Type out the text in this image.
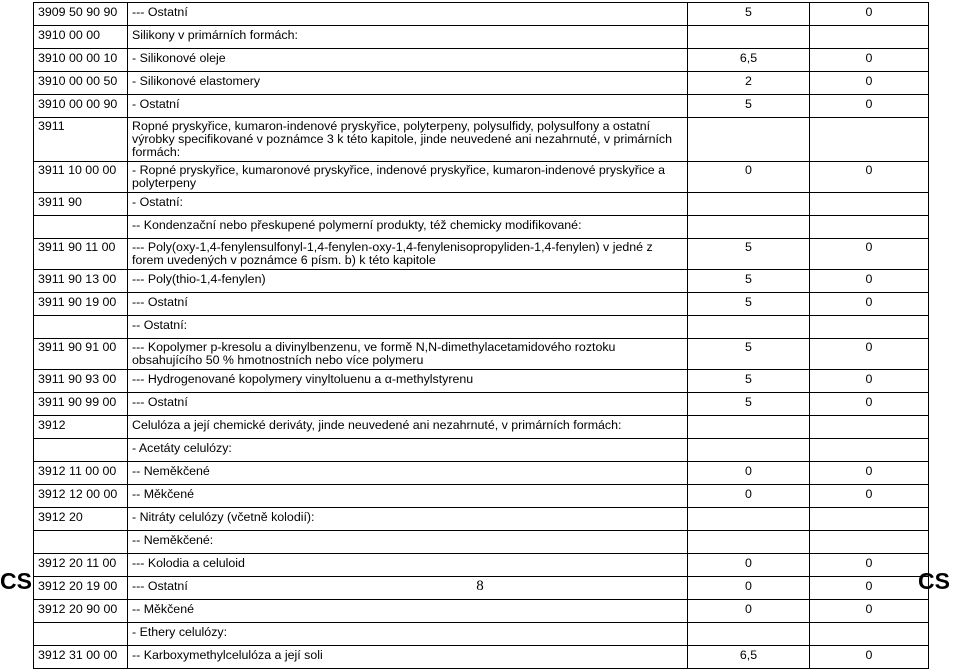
3909 50 90 90	--- Ostatní	5	0
3910 00 00	Silikony v primárních formách:		
3910 00 00 10	- Silikonové oleje	6,5	0
3910 00 00 50	- Silikonové elastomery	2	0
3910 00 00 90	- Ostatní	5	0
3911	Ropné pryskyřice, kumaron-indenové pryskyřice, polyterpeny, polysulfidy, polysulfony a ostatní výrobky specifikované v poznámce 3 k této kapitole, jinde neuvedené ani nezahrnuté, v primárních formách:		
3911 10 00 00	- Ropné pryskyřice, kumaronové pryskyřice, indenové pryskyřice, kumaron-indenové pryskyřice a polyterpeny	0	0
3911 90	- Ostatní:		
	-- Kondenzační nebo přeskupené polymerní produkty, též chemicky modifikované:		
3911 90 11 00	--- Poly(oxy-1,4-fenylensulfonyl-1,4-fenylen-oxy-1,4-fenylenisopropyliden-1,4-fenylen) v jedné z forem uvedených v poznámce 6 písm. b) k této kapitole	5	0
3911 90 13 00	--- Poly(thio-1,4-fenylen)	5	0
3911 90 19 00	--- Ostatní	5	0
	-- Ostatní:		
3911 90 91 00	--- Kopolymer p-kresolu a divinylbenzenu, ve formě N,N-dimethylacetamidového roztoku obsahujícího 50 % hmotnostních nebo více polymeru	5	0
3911 90 93 00	--- Hydrogenované kopolymery vinyltoluenu a α-methylstyrenu	5	0
3911 90 99 00	--- Ostatní	5	0
3912	Celulóza a její chemické deriváty, jinde neuvedené ani nezahrnuté, v primárních formách:		
	- Acetáty celulózy:		
3912 11 00 00	-- Neměkčené	0	0
3912 12 00 00	-- Měkčené	0	0
3912 20	- Nitráty celulózy (včetně kolodií):		
	-- Neměkčené:		
3912 20 11 00	--- Kolodia a celuloid	0	0
3912 20 19 00	--- Ostatní	0	0
3912 20 90 00	-- Měkčené	0	0
	- Ethery celulózy:		
3912 31 00 00	-- Karboxymethylcelulóza a její soli	6,5	0
CS	8	CS
